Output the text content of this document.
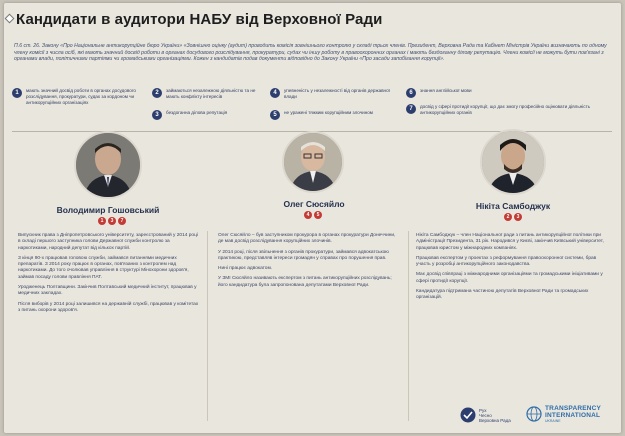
Кандидати в аудитори НАБУ від Верховної Ради
П.6 ст. 26. Закону «Про Національне антикорупційне бюро України» «Зовнішню оцінку (аудит) проводить комісія зовнішнього контролю у складі трьох членів. Президент, Верховна Рада та Кабінет Міністрів України визначають по одному члену комісії з числа осіб, які мають значний досвід роботи в органах досудового розслідування, прокуратури, судах чи іншу роботу в правоохоронних органах і мають бездоганну ділову репутацію. Члени комісії не можуть бути пов'язані з органами влади, політичними партіями чи громадськими організаціями. Кожен з кандидатів подав документи відповідно до Закону України «Про засади запобігання корупції».
1	мають значний досвід роботи в органах досудового розслідування, прокуратури, судах за кордоном чи антикорупційних організаціях
2	займаються незалежною діяльністю та не мають конфлікту інтересів
3	бездоганна ділова репутація
4	упевненість у незалежності від органів державної влади
5	не уражені тяжким корупційним злочином
6	знання англійської мови
7	досвід у сфері протидії корупції, що дає змогу професійно оцінювати діяльність антикорупційних органів
Володимир Гошовський
1	3	7

Випускник права з Дніпропетровського університету, зареєстрований у 2014 році в складі першого заступника голови Державної служби контролю за наркотиками, народний депутат від кількох партій.

З кінця 90-х працював головою служби, займався питаннями медичних препаратів. З 2014 року працює в органах, пов'язаних з контролем над наркотиками. До того очолював управління в структурі Мінохорони здоров'я, займав посаду голови правління ПАТ.

Уродженець Полтавщини. Закінчив Полтавський медичний інститут, працював у медичних закладах.

Після виборів у 2014 році залишився на державній службі, працював у комітетах з питань охорони здоров'я.

Олег Сюсяйло
4	5

Олег Сюсяйло – був заступником прокурора в органах прокуратури Донеччини, де мав досвід розслідування корупційних злочинів.

У 2014 році, після звільнення з органів прокуратури, займався адвокатською практикою, представляв інтереси громадян у справах про порушення прав.

Нині працює адвокатом.

У ЗМІ Сюсяйло називають експертом з питань антикорупційних розслідувань; його кандидатура була запропонована депутатами Верховної Ради.

Нікіта Самбоджук
2	3

Нікіта Самбоджук – член Національної ради з питань антикорупційної політики при Адміністрації Президента, 31 рік. Народився у Києві, закінчив Київський університет, працював юристом у міжнародних компаніях.

Працював експертом у проектах з реформування правоохоронної системи, брав участь у розробці антикорупційного законодавства.

Має досвід співпраці з міжнародними організаціями та громадськими ініціативами у сфері протидії корупції.

Кандидатура підтримана частиною депутатів Верховної Ради та громадських організацій.

Рух
Чесно
Верховна Рада
TRANSPARENCY
INTERNATIONAL
UKRAINE
